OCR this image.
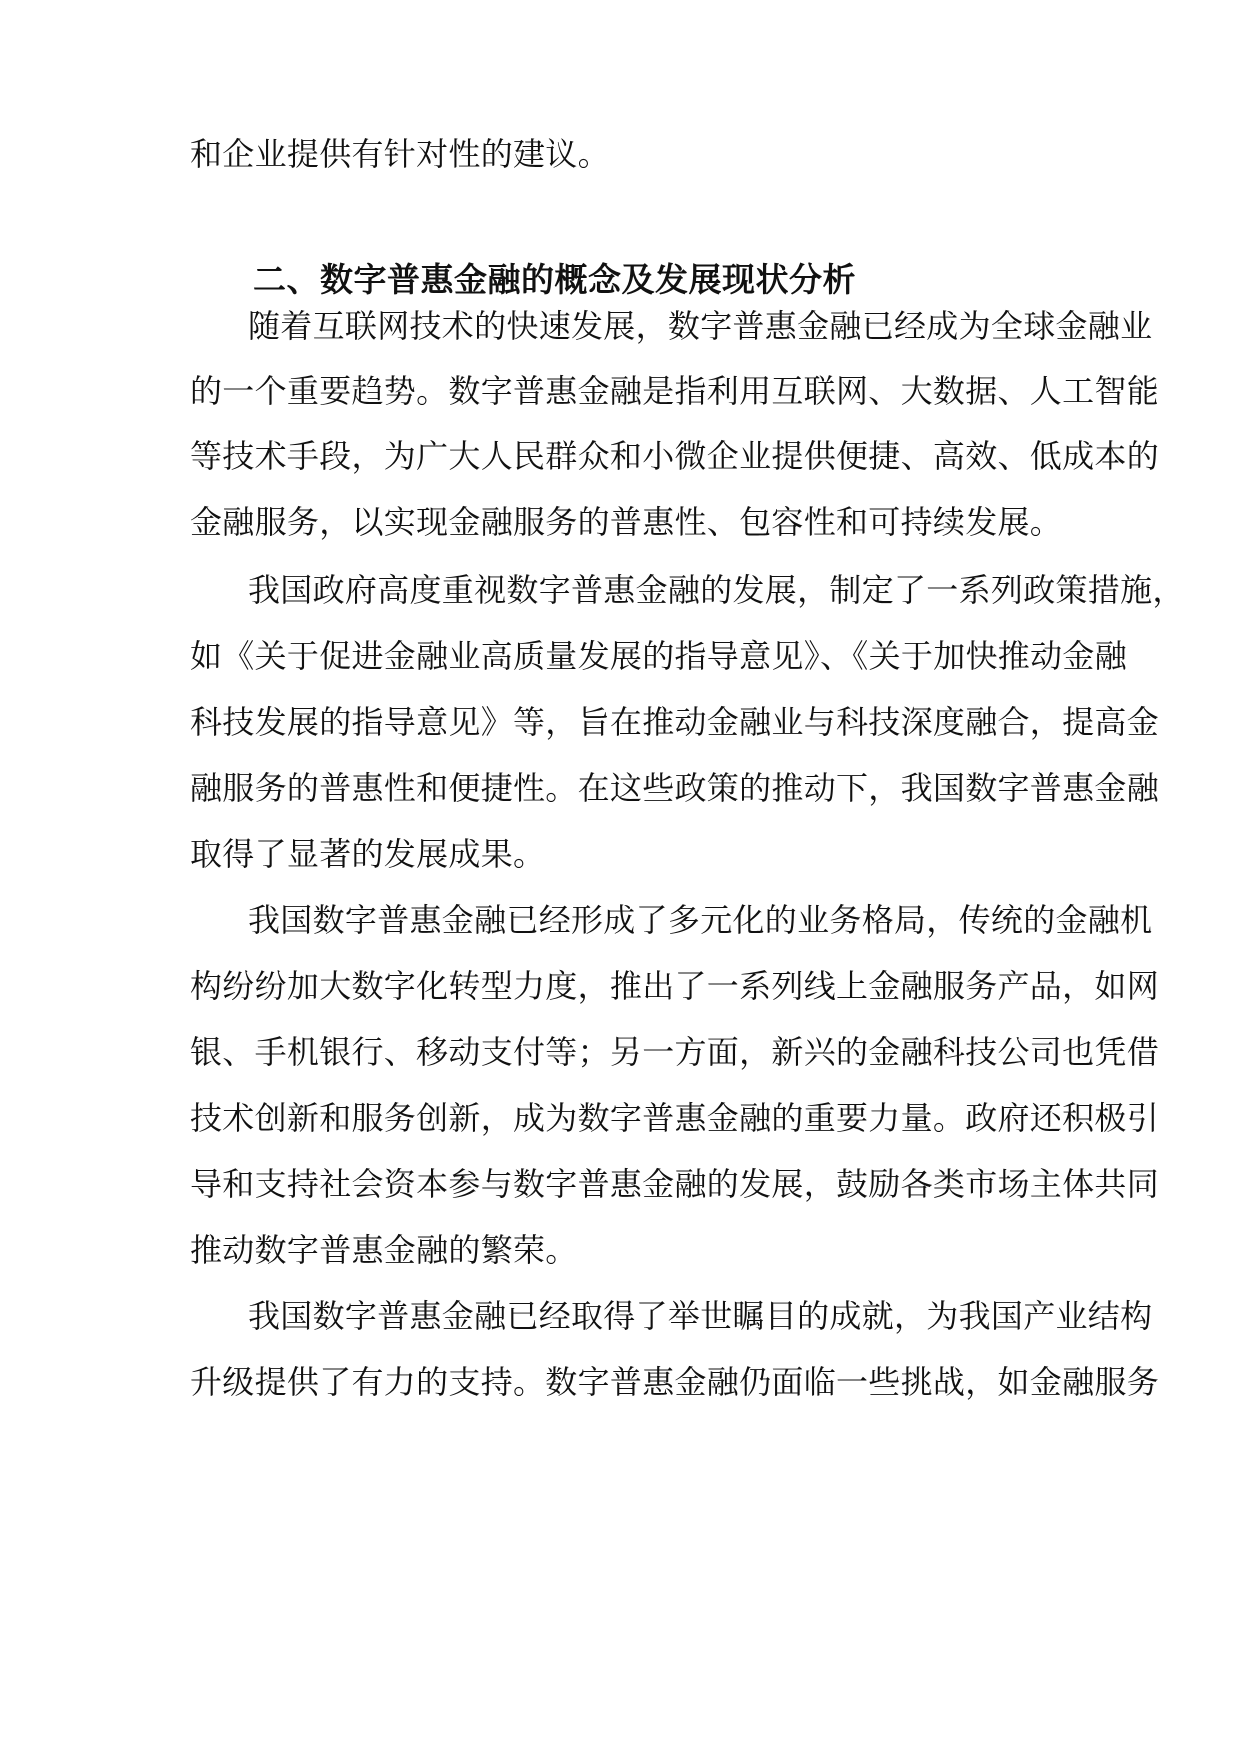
和企业提供有针对性的建议。
二、数字普惠金融的概念及发展现状分析
随着互联网技术的快速发展，数字普惠金融已经成为全球金融业
的一个重要趋势。数字普惠金融是指利用互联网、大数据、人工智能
等技术手段，为广大人民群众和小微企业提供便捷、高效、低成本的
金融服务，以实现金融服务的普惠性、包容性和可持续发展。
我国政府高度重视数字普惠金融的发展，制定了一系列政策措施，
如《关于促进金融业高质量发展的指导意见》、《关于加快推动金融
科技发展的指导意见》等，旨在推动金融业与科技深度融合，提高金
融服务的普惠性和便捷性。在这些政策的推动下，我国数字普惠金融
取得了显著的发展成果。
我国数字普惠金融已经形成了多元化的业务格局，传统的金融机
构纷纷加大数字化转型力度，推出了一系列线上金融服务产品，如网
银、手机银行、移动支付等；另一方面，新兴的金融科技公司也凭借
技术创新和服务创新，成为数字普惠金融的重要力量。政府还积极引
导和支持社会资本参与数字普惠金融的发展，鼓励各类市场主体共同
推动数字普惠金融的繁荣。
我国数字普惠金融已经取得了举世瞩目的成就，为我国产业结构
升级提供了有力的支持。数字普惠金融仍面临一些挑战，如金融服务
